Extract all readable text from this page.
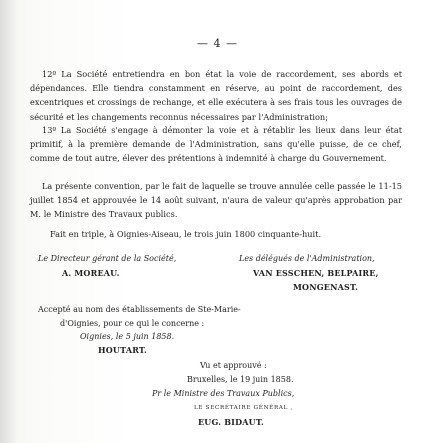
— 4 —
12º La Société entretiendra en bon état la voie de raccordement, ses abords et dépendances. Elle tiendra constamment en réserve, au point de raccordement, des excentriques et crossings de rechange, et elle exécutera à ses frais tous les ouvrages de sécurité et les changements reconnus nécessaires par l'Administration;
13º La Société s'engage à démonter la voie et à rétablir les lieux dans leur état primitif, à la première demande de l'Administration, sans qu'elle puisse, de ce chef, comme de tout autre, élever des prétentions à indemnité à charge du Gouvernement.
La présente convention, par le fait de laquelle se trouve annulée celle passée le 11-15 juillet 1854 et approuvée le 14 août suivant, n'aura de valeur qu'après approbation par M. le Ministre des Travaux publics.
Fait en triple, à Oignies-Aiseau, le trois juin 1800 cinquante-huit.
Le Directeur gérant de la Société,
A. MOREAU.
Les délégués de l'Administration,
VAN ESSCHEN, BELPAIRE,
MONGENAST.
Accepté au nom des établissements de Ste-Marie-
d'Oignies, pour ce qui le concerne :
Oignies, le 5 juin 1858.
HOUTART.
Vu et approuvé :
Bruxelles, le 19 juin 1858.
Pr le Ministre des Travaux Publics,
LE SECRÉTAIRE GÉNÉRAL ,
EUG. BIDAUT.
